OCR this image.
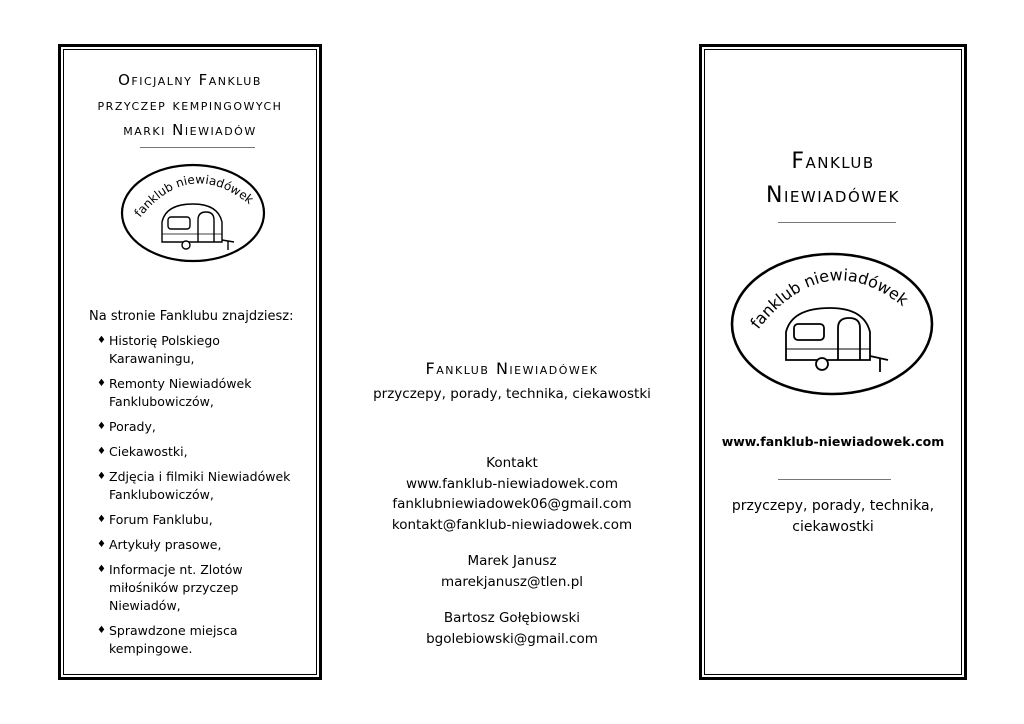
Oficjalny Fanklub
przyczep kempingowych
marki Niewiadów
fanklub niewiadówek
Na stronie Fanklubu znajdziesz:
♦ Historię Polskiego
Karawaningu,
♦ Remonty Niewiadówek
Fanklubowiczów,
♦ Porady,
♦ Ciekawostki,
♦ Zdjęcia i filmiki Niewiadówek
Fanklubowiczów,
♦ Forum Fanklubu,
♦ Artykuły prasowe,
♦ Informacje nt. Zlotów
miłośników przyczep Niewiadów,
♦ Sprawdzone miejsca
kempingowe.
Fanklub Niewiadówek
przyczepy, porady, technika, ciekawostki
Kontakt
www.fanklub-niewiadowek.com
fanklubniewiadowek06@gmail.com
kontakt@fanklub-niewiadowek.com
Marek Janusz
marekjanusz@tlen.pl
Bartosz Gołębiowski
bgolebiowski@gmail.com
Fanklub
Niewiadówek
fanklub niewiadówek
www.fanklub-niewiadowek.com
przyczepy, porady, technika,
ciekawostki
